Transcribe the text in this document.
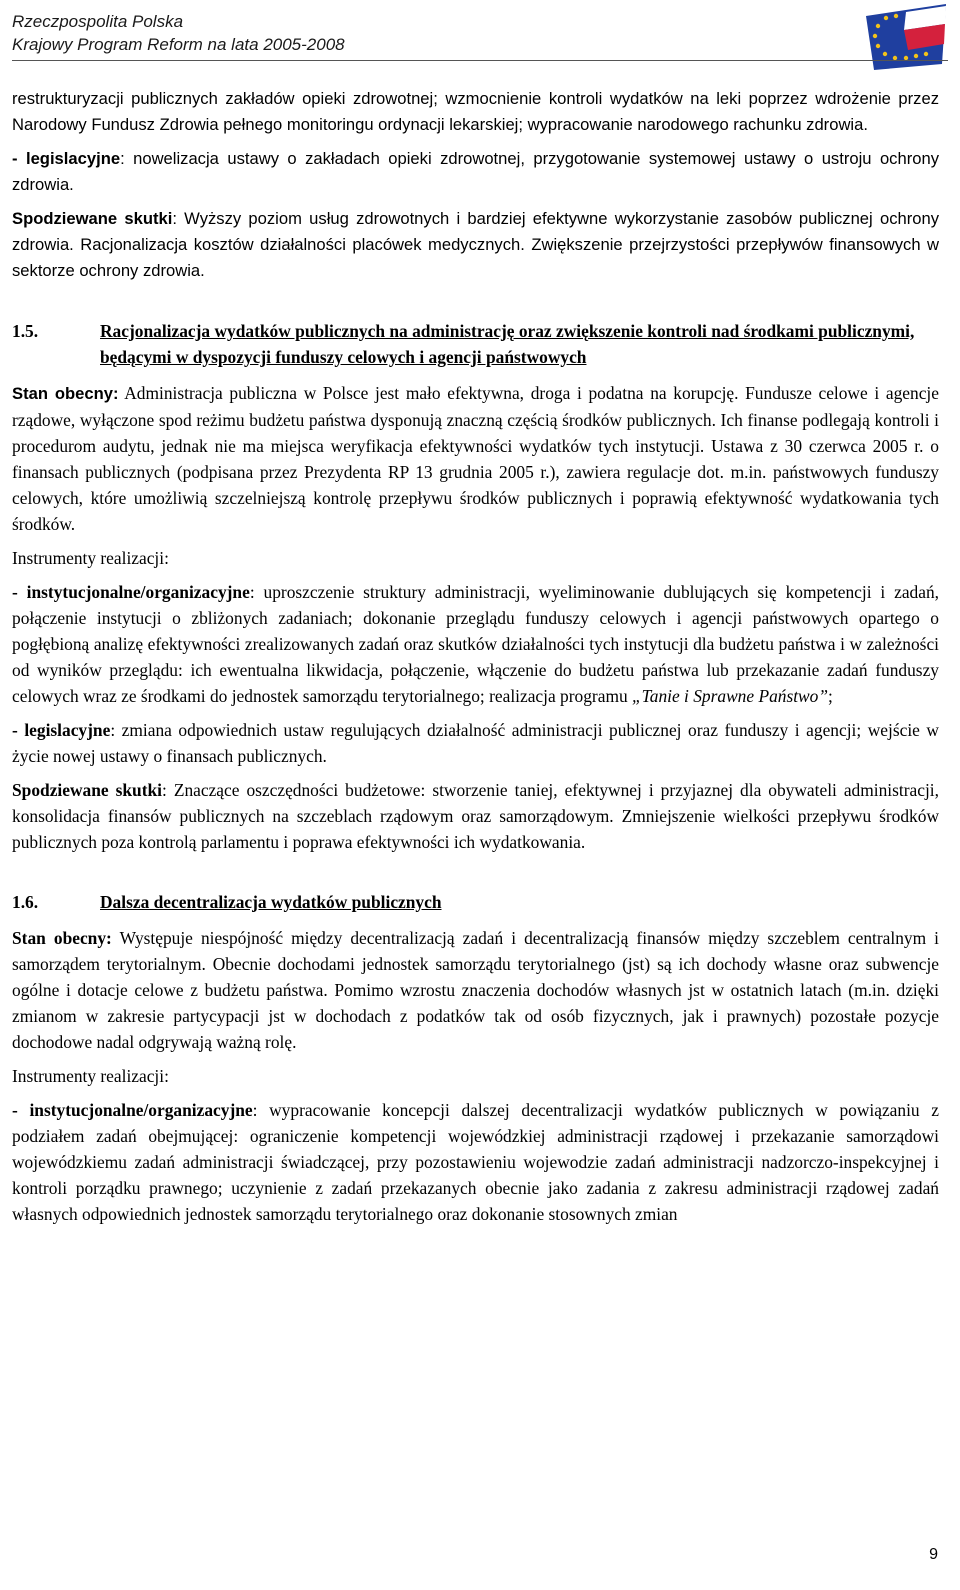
Rzeczpospolita Polska
Krajowy Program Reform na lata 2005-2008

restrukturyzacji publicznych zakładów opieki zdrowotnej; wzmocnienie kontroli wydatków na leki poprzez wdrożenie przez Narodowy Fundusz Zdrowia pełnego monitoringu ordynacji lekarskiej; wypracowanie narodowego rachunku zdrowia.

- legislacyjne: nowelizacja ustawy o zakładach opieki zdrowotnej, przygotowanie systemowej ustawy o ustroju ochrony zdrowia.

Spodziewane skutki: Wyższy poziom usług zdrowotnych i bardziej efektywne wykorzystanie zasobów publicznej ochrony zdrowia. Racjonalizacja kosztów działalności placówek medycznych. Zwiększenie przejrzystości przepływów finansowych w sektorze ochrony zdrowia.

1.5.	Racjonalizacja wydatków publicznych na administrację oraz zwiększenie kontroli nad środkami publicznymi, będącymi w dyspozycji funduszy celowych i agencji państwowych

Stan obecny: Administracja publiczna w Polsce jest mało efektywna, droga i podatna na korupcję. Fundusze celowe i agencje rządowe, wyłączone spod reżimu budżetu państwa dysponują znaczną częścią środków publicznych. Ich finanse podlegają kontroli i procedurom audytu, jednak nie ma miejsca weryfikacja efektywności wydatków tych instytucji. Ustawa z 30 czerwca 2005 r. o finansach publicznych (podpisana przez Prezydenta RP 13 grudnia 2005 r.), zawiera regulacje dot. m.in. państwowych funduszy celowych, które umożliwią szczelniejszą kontrolę przepływu środków publicznych i poprawią efektywność wydatkowania tych środków.

Instrumenty realizacji:

- instytucjonalne/organizacyjne: uproszczenie struktury administracji, wyeliminowanie dublujących się kompetencji i zadań, połączenie instytucji o zbliżonych zadaniach; dokonanie przeglądu funduszy celowych i agencji państwowych opartego o pogłębioną analizę efektywności zrealizowanych zadań oraz skutków działalności tych instytucji dla budżetu państwa i w zależności od wyników przeglądu: ich ewentualna likwidacja, połączenie, włączenie do budżetu państwa lub przekazanie zadań funduszy celowych wraz ze środkami do jednostek samorządu terytorialnego; realizacja programu „Tanie i Sprawne Państwo”;

- legislacyjne: zmiana odpowiednich ustaw regulujących działalność administracji publicznej oraz funduszy i agencji; wejście w życie nowej ustawy o finansach publicznych.

Spodziewane skutki: Znaczące oszczędności budżetowe: stworzenie taniej, efektywnej i przyjaznej dla obywateli administracji, konsolidacja finansów publicznych na szczeblach rządowym oraz samorządowym. Zmniejszenie wielkości przepływu środków publicznych poza kontrolą parlamentu i poprawa efektywności ich wydatkowania.

1.6.	Dalsza decentralizacja wydatków publicznych

Stan obecny: Występuje niespójność między decentralizacją zadań i decentralizacją finansów między szczeblem centralnym i samorządem terytorialnym. Obecnie dochodami jednostek samorządu terytorialnego (jst) są ich dochody własne oraz subwencje ogólne i dotacje celowe z budżetu państwa. Pomimo wzrostu znaczenia dochodów własnych jst w ostatnich latach (m.in. dzięki zmianom w zakresie partycypacji jst w dochodach z podatków tak od osób fizycznych, jak i prawnych) pozostałe pozycje dochodowe nadal odgrywają ważną rolę.

Instrumenty realizacji:

- instytucjonalne/organizacyjne: wypracowanie koncepcji dalszej decentralizacji wydatków publicznych w powiązaniu z podziałem zadań obejmującej: ograniczenie kompetencji wojewódzkiej administracji rządowej i przekazanie samorządowi wojewódzkiemu zadań administracji świadczącej, przy pozostawieniu wojewodzie zadań administracji nadzorczo-inspekcyjnej i kontroli porządku prawnego; uczynienie z zadań przekazanych obecnie jako zadania z zakresu administracji rządowej zadań własnych odpowiednich jednostek samorządu terytorialnego oraz dokonanie stosownych zmian

9
